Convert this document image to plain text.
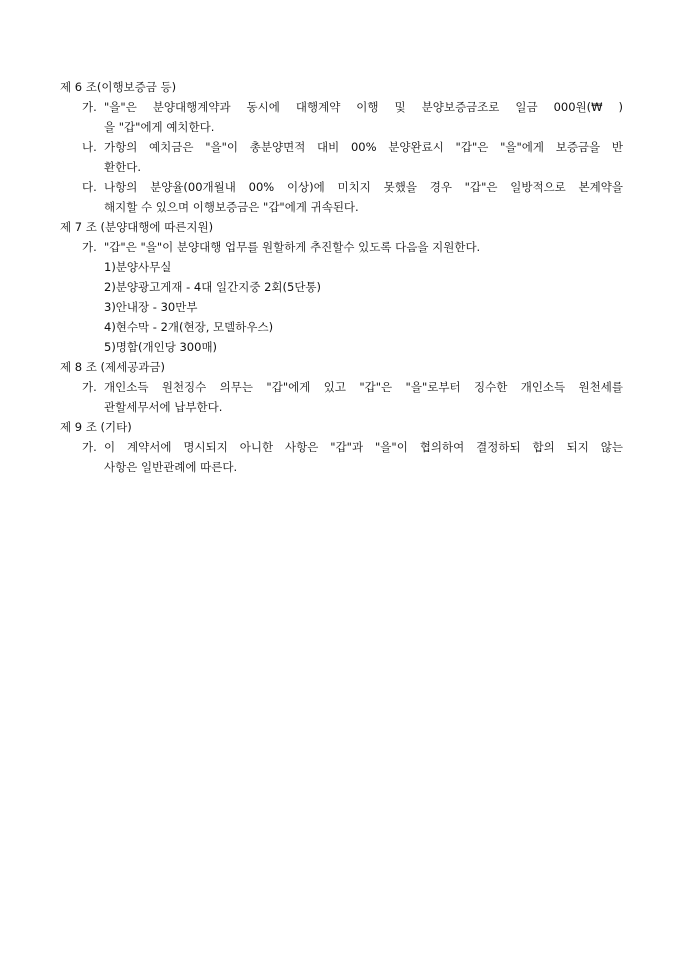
제 6 조(이행보증금 등)
가. "을"은 분양대행계약과 동시에 대행계약 이행 및 분양보증금조로 일금 000원(₩ )
을 "갑"에게 예치한다.
나. 가항의 예치금은 "을"이 총분양면적 대비 00% 분양완료시 "갑"은 "을"에게 보증금을 반
환한다.
다. 나항의 분양율(00개월내 00% 이상)에 미치지 못했을 경우 "갑"은 일방적으로 본계약을
해지할 수 있으며 이행보증금은 "갑"에게 귀속된다.
제 7 조 (분양대행에 따른지원)
가. "갑"은 "을"이 분양대행 업무를 원할하게 추진할수 있도록 다음을 지원한다.
1)분양사무실
2)분양광고게재 - 4대 일간지중 2회(5단통)
3)안내장 - 30만부
4)현수막 - 2개(현장, 모델하우스)
5)명함(개인당 300매)
제 8 조 (제세공과금)
가. 개인소득 원천징수 의무는 "갑"에게 있고 "갑"은 "을"로부터 징수한 개인소득 원천세를
관할세무서에 납부한다.
제 9 조 (기타)
가. 이 계약서에 명시되지 아니한 사항은 "갑"과 "을"이 협의하여 결정하되 합의 되지 않는
사항은 일반관례에 따른다.
